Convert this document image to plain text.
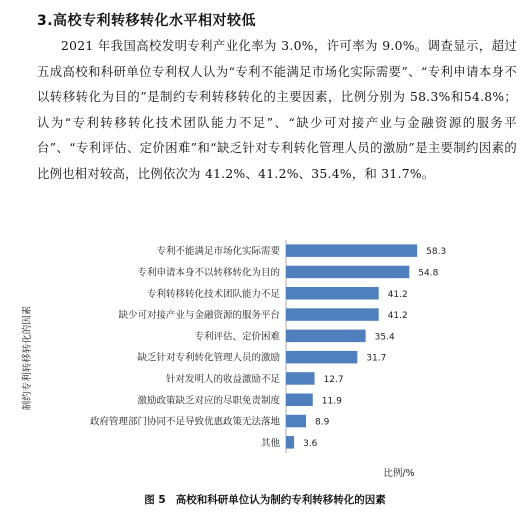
3.高校专利转移转化水平相对较低
2021 年我国高校发明专利产业化率为 3.0%，许可率为 9.0%。调查显示，超过五成高校和科研单位专利权人认为“专利不能满足市场化实际需要”、“专利申请本身不以转移转化为目的”是制约专利转移转化的主要因素，比例分别为 58.3%和54.8%；认为“专利转移转化技术团队能力不足”、“缺少可对接产业与金融资源的服务平台”、“专利评估、定价困难”和“缺乏针对专利转化管理人员的激励”是主要制约因素的比例也相对较高，比例依次为 41.2%、41.2%、35.4%，和 31.7%。
制约专利转移转化的因素
专利不能满足市场化实际需要	58.3
专利申请本身不以转移转化为目的	54.8
专利转移转化技术团队能力不足	41.2
缺少可对接产业与金融资源的服务平台	41.2
专利评估、定价困难	35.4
缺乏针对专利转化管理人员的激励	31.7
针对发明人的收益激励不足	12.7
激励政策缺乏对应的尽职免责制度	11.9
政府管理部门协同不足导致优惠政策无法落地	8.9
其他	3.6
比例/%
图 5 高校和科研单位认为制约专利转移转化的因素
